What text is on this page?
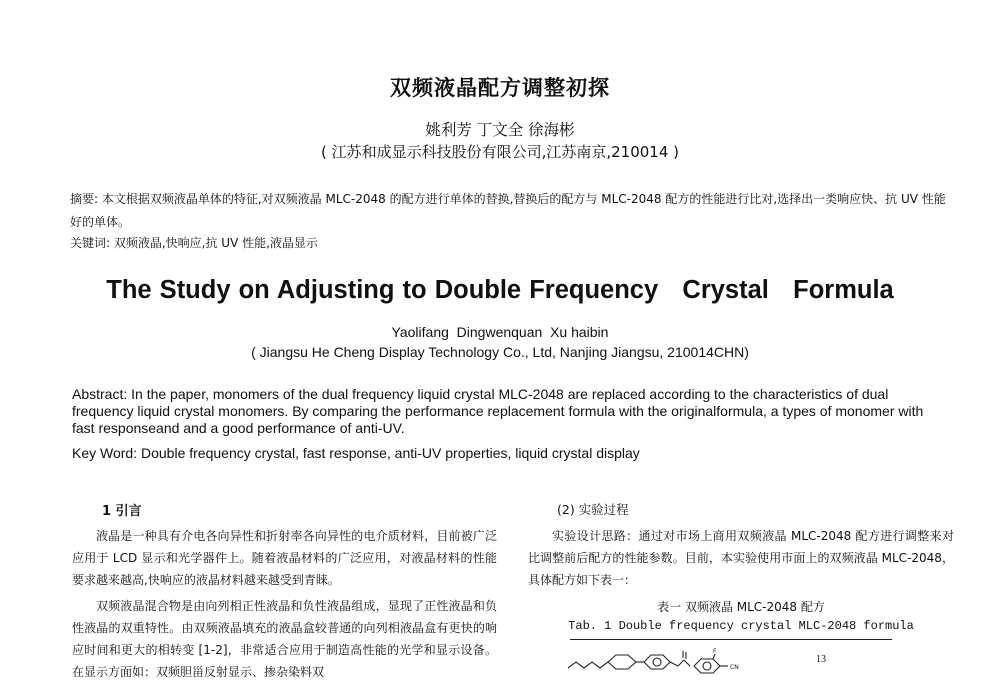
双频液晶配方调整初探
姚利芳 丁文全 徐海彬
( 江苏和成显示科技股份有限公司,江苏南京,210014 )
摘要: 本文根据双频液晶单体的特征,对双频液晶 MLC-2048 的配方进行单体的替换,替换后的配方与 MLC-2048 配方的性能进行比对,选择出一类响应快、抗 UV 性能好的单体。
关键词: 双频液晶,快响应,抗 UV 性能,液晶显示
The Study on Adjusting to Double Frequency   Crystal   Formula
Yaolifang  Dingwenquan  Xu haibin
( Jiangsu He Cheng Display Technology Co., Ltd, Nanjing Jiangsu, 210014CHN)
Abstract: In the paper, monomers of the dual frequency liquid crystal MLC-2048 are replaced according to the characteristics of dual frequency liquid crystal monomers. By comparing the performance replacement formula with the originalformula, a types of monomer with fast responseand and a good performance of anti-UV.
Key Word: Double frequency crystal, fast response, anti-UV properties, liquid crystal display
1 引言

液晶是一种具有介电各向异性和折射率各向异性的电介质材料，目前被广泛应用于 LCD 显示和光学器件上。随着液晶材料的广泛应用，对液晶材料的性能要求越来越高,快响应的液晶材料越来越受到青睐。

双频液晶混合物是由向列相正性液晶和负性液晶组成，显现了正性液晶和负性液晶的双重特性。由双频液晶填充的液晶盒较普通的向列相液晶盒有更快的响应时间和更大的相转变 [1-2]，非常适合应用于制造高性能的光学和显示设备。在显示方面如：双频胆甾反射显示、掺杂染料双

(2) 实验过程

实验设计思路：通过对市场上商用双频液晶 MLC-2048 配方进行调整来对比调整前后配方的性能参数。目前，本实验使用市面上的双频液晶 MLC-2048，具体配方如下表一：

表一 双频液晶 MLC-2048 配方
Tab. 1 Double frequency crystal MLC-2048 formula
F
CN
13
